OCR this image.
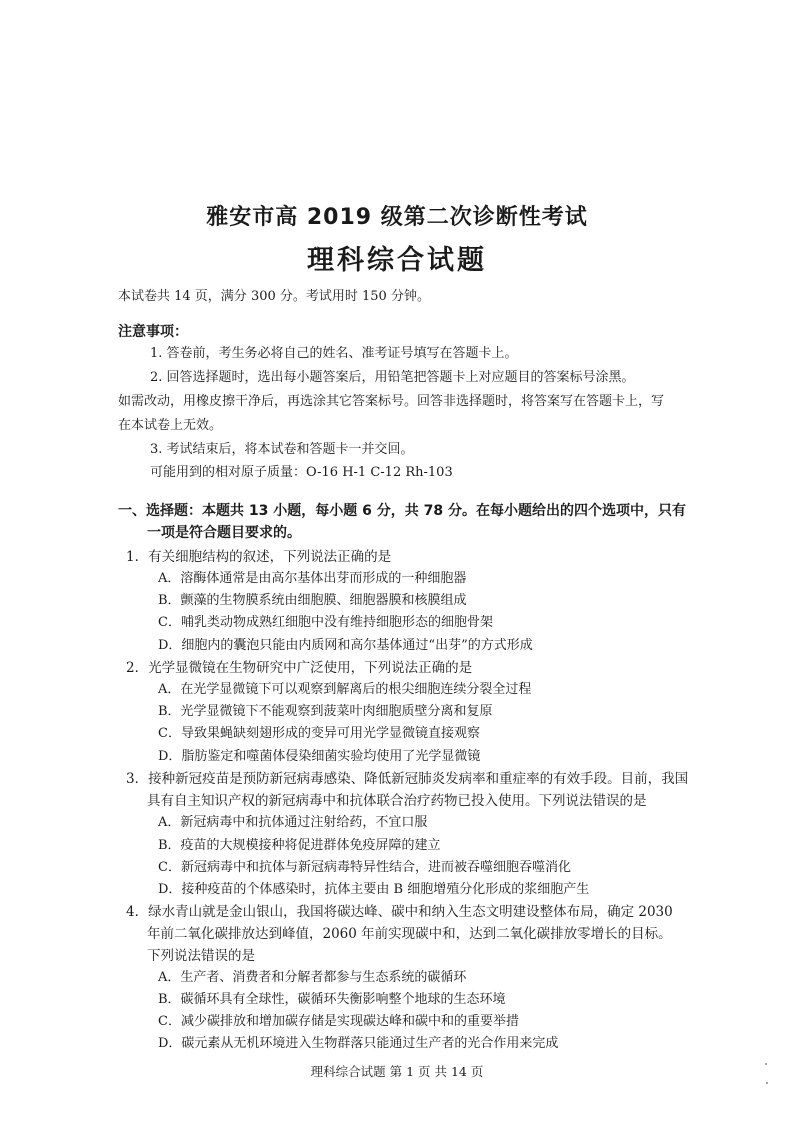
雅安市高 2019 级第二次诊断性考试
理科综合试题
本试卷共 14 页，满分 300 分。考试用时 150 分钟。
注意事项：
1. 答卷前，考生务必将自己的姓名、准考证号填写在答题卡上。
2. 回答选择题时，选出每小题答案后，用铅笔把答题卡上对应题目的答案标号涂黑。
如需改动，用橡皮擦干净后，再选涂其它答案标号。回答非选择题时，将答案写在答题卡上，写
在本试卷上无效。
3. 考试结束后，将本试卷和答题卡一并交回。
可能用到的相对原子质量：O-16 H-1 C-12 Rh-103
一、选择题：本题共 13 小题，每小题 6 分，共 78 分。在每小题给出的四个选项中，只有
一项是符合题目要求的。
1．有关细胞结构的叙述，下列说法正确的是
A．溶酶体通常是由高尔基体出芽而形成的一种细胞器
B．颤藻的生物膜系统由细胞膜、细胞器膜和核膜组成
C．哺乳类动物成熟红细胞中没有维持细胞形态的细胞骨架
D．细胞内的囊泡只能由内质网和高尔基体通过“出芽”的方式形成
2．光学显微镜在生物研究中广泛使用，下列说法正确的是
A．在光学显微镜下可以观察到解离后的根尖细胞连续分裂全过程
B．光学显微镜下不能观察到菠菜叶肉细胞质壁分离和复原
C．导致果蝇缺刻翅形成的变异可用光学显微镜直接观察
D．脂肪鉴定和噬菌体侵染细菌实验均使用了光学显微镜
3．接种新冠疫苗是预防新冠病毒感染、降低新冠肺炎发病率和重症率的有效手段。目前，我国
具有自主知识产权的新冠病毒中和抗体联合治疗药物已投入使用。下列说法错误的是
A．新冠病毒中和抗体通过注射给药，不宜口服
B．疫苗的大规模接种将促进群体免疫屏障的建立
C．新冠病毒中和抗体与新冠病毒特异性结合，进而被吞噬细胞吞噬消化
D．接种疫苗的个体感染时，抗体主要由 B 细胞增殖分化形成的浆细胞产生
4．绿水青山就是金山银山，我国将碳达峰、碳中和纳入生态文明建设整体布局，确定 2030
年前二氧化碳排放达到峰值，2060 年前实现碳中和，达到二氧化碳排放零增长的目标。
下列说法错误的是
A．生产者、消费者和分解者都参与生态系统的碳循环
B．碳循环具有全球性，碳循环失衡影响整个地球的生态环境
C．减少碳排放和增加碳存储是实现碳达峰和碳中和的重要举措
D．碳元素从无机环境进入生物群落只能通过生产者的光合作用来完成
理科综合试题 第 1 页 共 14 页
